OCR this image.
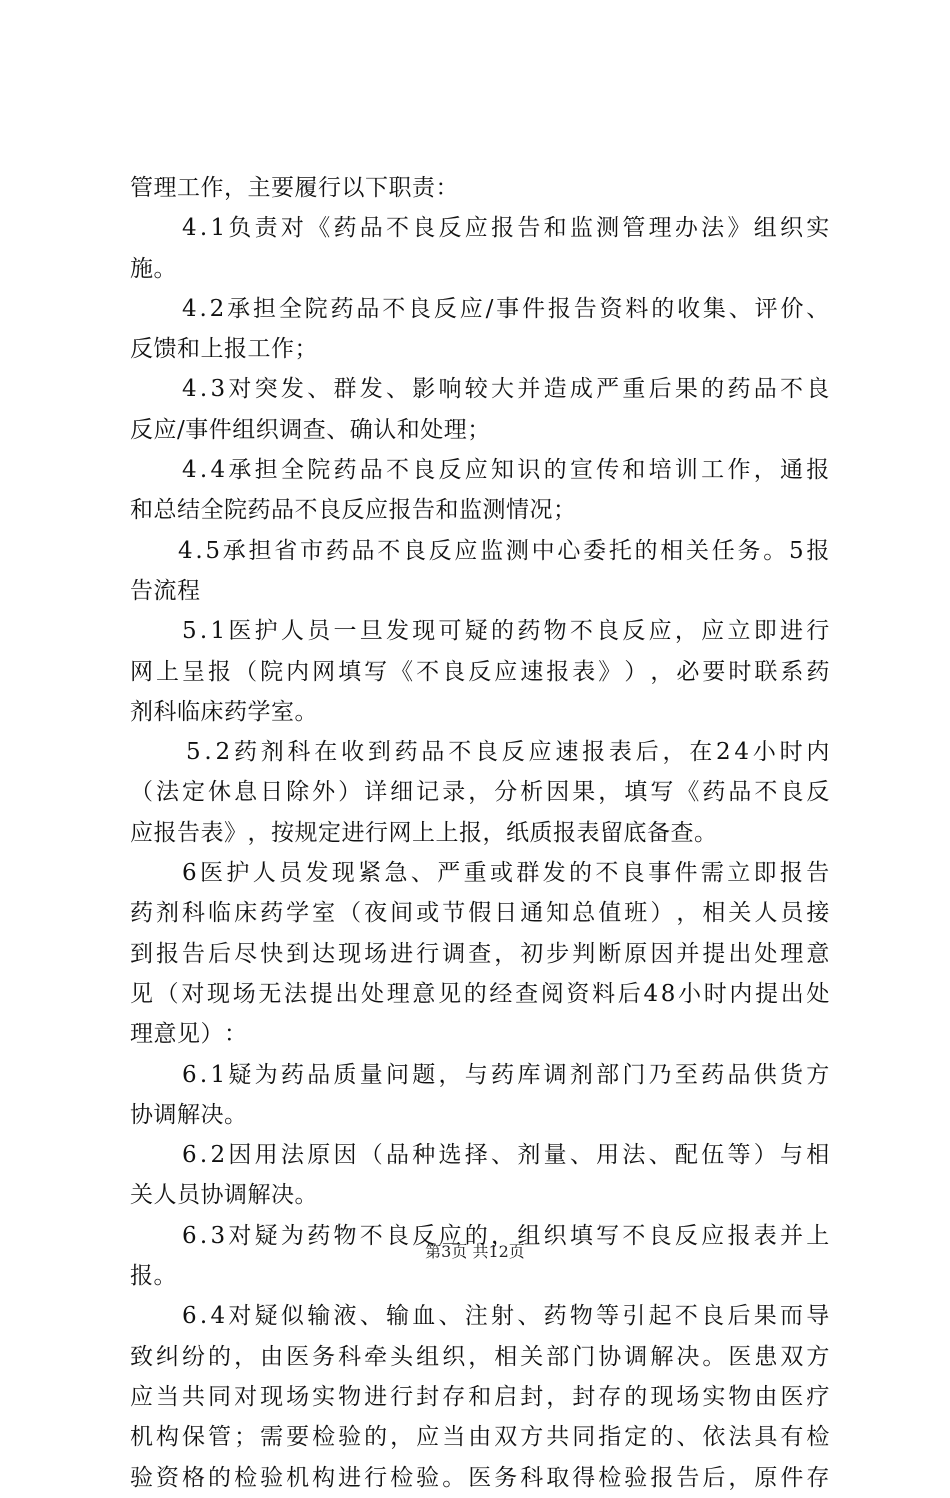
管 理 工 作 ， 主 要 履 行 以 下 职 责 ：
4 . 1 负 责 对 《 药 品 不 良 反 应 报 告 和 监 测 管 理 办 法 》 组 织 实
施 。
4 . 2 承 担 全 院 药 品 不 良 反 应 / 事 件 报 告 资 料 的 收 集 、 评 价 、
反 馈 和 上 报 工 作 ；
4 . 3 对 突 发 、 群 发 、 影 响 较 大 并 造 成 严 重 后 果 的 药 品 不 良
反 应 / 事 件 组 织 调 查 、 确 认 和 处 理 ；
4 . 4 承 担 全 院 药 品 不 良 反 应 知 识 的 宣 传 和 培 训 工 作 ， 通 报
和 总 结 全 院 药 品 不 良 反 应 报 告 和 监 测 情 况 ；
4 . 5 承 担 省 市 药 品 不 良 反 应 监 测 中 心 委 托 的 相 关 任 务 。 5 报
告 流 程
5 . 1 医 护 人 员 一 旦 发 现 可 疑 的 药 物 不 良 反 应 ， 应 立 即 进 行
网 上 呈 报 （ 院 内 网 填 写 《 不 良 反 应 速 报 表 》 ） ， 必 要 时 联 系 药
剂 科 临 床 药 学 室 。
5 . 2 药 剂 科 在 收 到 药 品 不 良 反 应 速 报 表 后 ， 在 2 4 小 时 内
（ 法 定 休 息 日 除 外 ） 详 细 记 录 ， 分 析 因 果 ， 填 写 《 药 品 不 良 反
应 报 告 表 》 ， 按 规 定 进 行 网 上 上 报 ， 纸 质 报 表 留 底 备 查 。
6 医 护 人 员 发 现 紧 急 、 严 重 或 群 发 的 不 良 事 件 需 立 即 报 告
药 剂 科 临 床 药 学 室 （ 夜 间 或 节 假 日 通 知 总 值 班 ） ， 相 关 人 员 接
到 报 告 后 尽 快 到 达 现 场 进 行 调 查 ， 初 步 判 断 原 因 并 提 出 处 理 意
见 （ 对 现 场 无 法 提 出 处 理 意 见 的 经 查 阅 资 料 后 4 8 小 时 内 提 出 处
理 意 见 ） ：
6 . 1 疑 为 药 品 质 量 问 题 ， 与 药 库 调 剂 部 门 乃 至 药 品 供 货 方
协 调 解 决 。
6 . 2 因 用 法 原 因 （ 品 种 选 择 、 剂 量 、 用 法 、 配 伍 等 ） 与 相
关 人 员 协 调 解 决 。
6 . 3 对 疑 为 药 物 不 良 反 应 的 ， 组 织 填 写 不 良 反 应 报 表 并 上
报 。
6 . 4 对 疑 似 输 液 、 输 血 、 注 射 、 药 物 等 引 起 不 良 后 果 而 导
致 纠 纷 的 ， 由 医 务 科 牵 头 组 织 ， 相 关 部 门 协 调 解 决 。 医 患 双 方
应 当 共 同 对 现 场 实 物 进 行 封 存 和 启 封 ， 封 存 的 现 场 实 物 由 医 疗
机 构 保 管 ； 需 要 检 验 的 ， 应 当 由 双 方 共 同 指 定 的 、 依 法 具 有 检
验 资 格 的 检 验 机 构 进 行 检 验 。 医 务 科 取 得 检 验 报 告 后 ， 原 件 存
第3页 共12页
